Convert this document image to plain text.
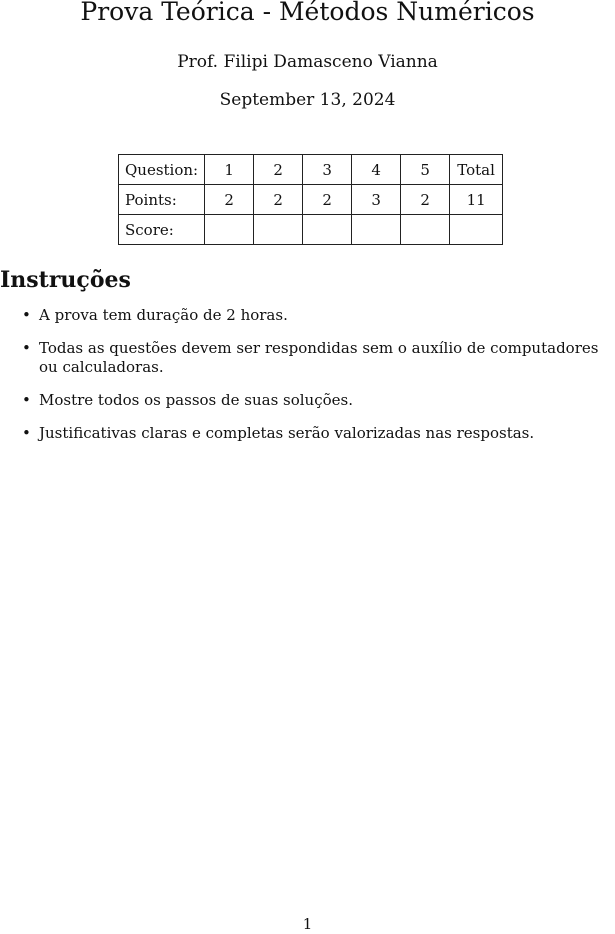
Prova Teórica - Métodos Numéricos
Prof. Filipi Damasceno Vianna
September 13, 2024
Question:	1	2	3	4	5	Total
Points:	2	2	2	3	2	11
Score:						
Instruções
• A prova tem duração de 2 horas.
• Todas as questões devem ser respondidas sem o auxílio de computadores ou calculadoras.
• Mostre todos os passos de suas soluções.
• Justificativas claras e completas serão valorizadas nas respostas.
1
